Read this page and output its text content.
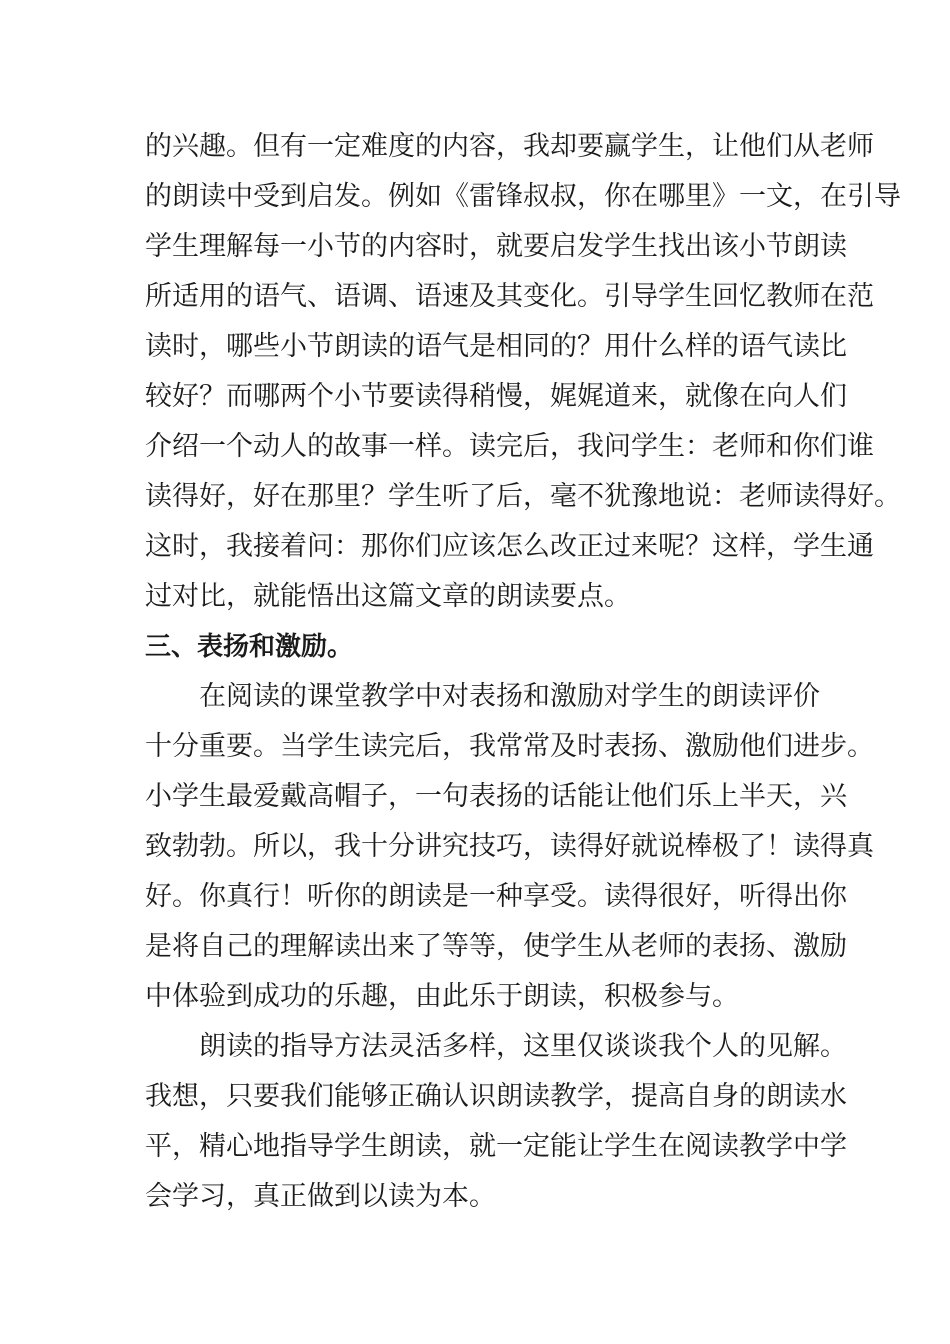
的兴趣。但有一定难度的内容，我却要赢学生，让他们从老师
的朗读中受到启发。例如《雷锋叔叔，你在哪里》一文，在引导
学生理解每一小节的内容时，就要启发学生找出该小节朗读
所适用的语气、语调、语速及其变化。引导学生回忆教师在范
读时，哪些小节朗读的语气是相同的？用什么样的语气读比
较好？而哪两个小节要读得稍慢，娓娓道来，就像在向人们
介绍一个动人的故事一样。读完后，我问学生：老师和你们谁
读得好，好在那里？学生听了后，毫不犹豫地说：老师读得好。
这时，我接着问：那你们应该怎么改正过来呢？这样，学生通
过对比，就能悟出这篇文章的朗读要点。
三、表扬和激励。
在阅读的课堂教学中对表扬和激励对学生的朗读评价
十分重要。当学生读完后，我常常及时表扬、激励他们进步。
小学生最爱戴高帽子，一句表扬的话能让他们乐上半天，兴
致勃勃。所以，我十分讲究技巧，读得好就说棒极了！读得真
好。你真行！听你的朗读是一种享受。读得很好，听得出你
是将自己的理解读出来了等等，使学生从老师的表扬、激励
中体验到成功的乐趣，由此乐于朗读，积极参与。
朗读的指导方法灵活多样，这里仅谈谈我个人的见解。
我想，只要我们能够正确认识朗读教学，提高自身的朗读水
平，精心地指导学生朗读，就一定能让学生在阅读教学中学
会学习，真正做到以读为本。
